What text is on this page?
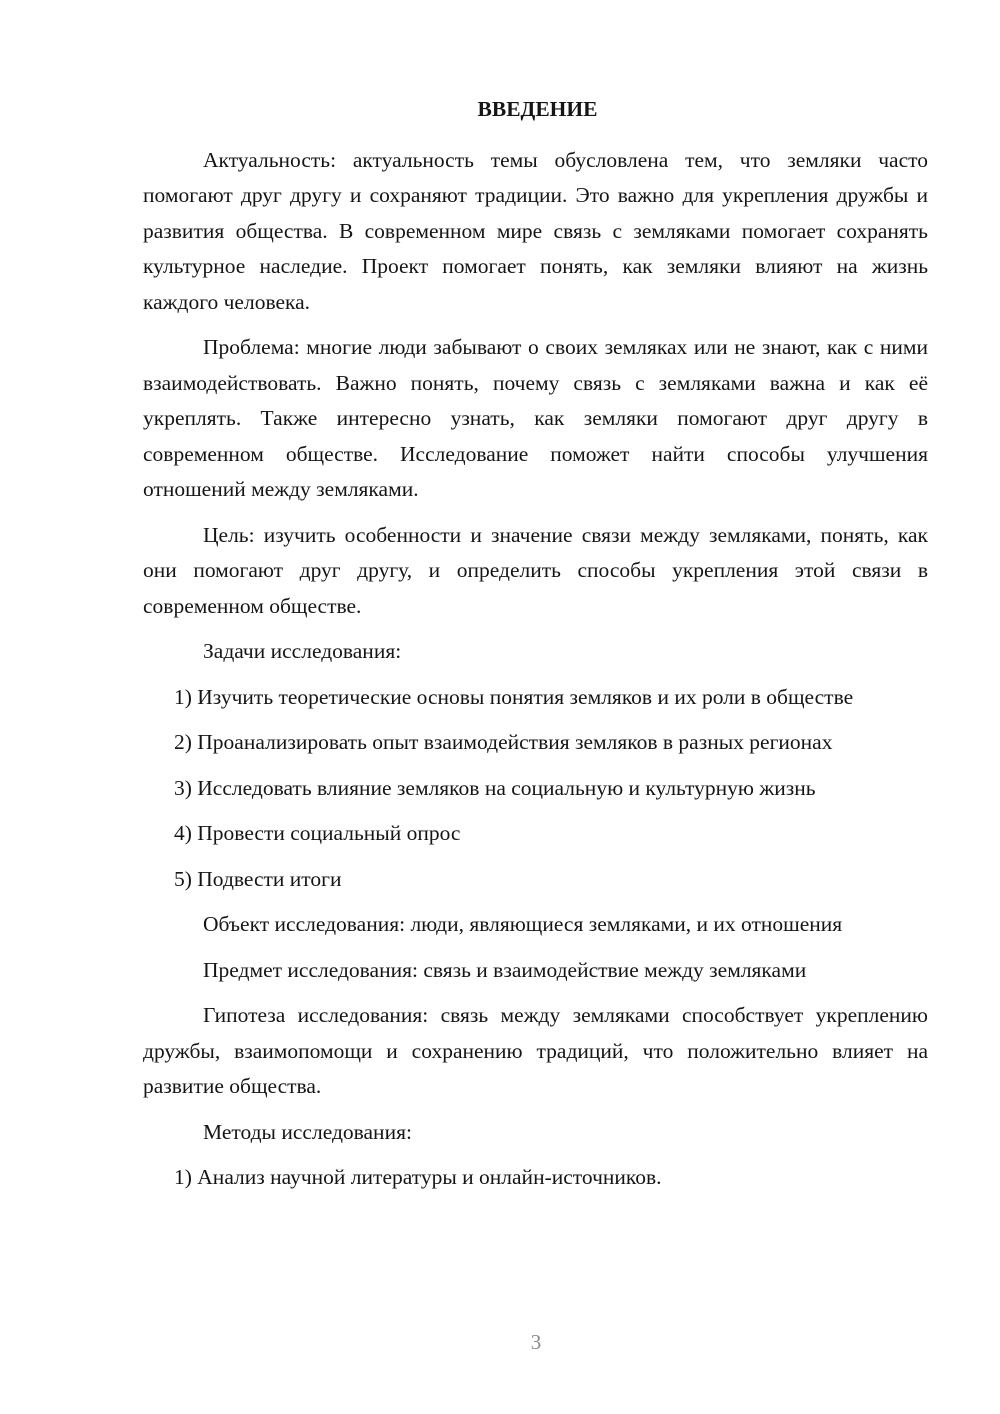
ВВЕДЕНИЕ

Актуальность: актуальность темы обусловлена тем, что земляки часто помогают друг другу и сохраняют традиции. Это важно для укрепления дружбы и развития общества. В современном мире связь с земляками помогает сохранять культурное наследие. Проект помогает понять, как земляки влияют на жизнь каждого человека.

Проблема: многие люди забывают о своих земляках или не знают, как с ними взаимодействовать. Важно понять, почему связь с земляками важна и как её укреплять. Также интересно узнать, как земляки помогают друг другу в современном обществе. Исследование поможет найти способы улучшения отношений между земляками.

Цель: изучить особенности и значение связи между земляками, понять, как они помогают друг другу, и определить способы укрепления этой связи в современном обществе.

Задачи исследования:

1) Изучить теоретические основы понятия земляков и их роли в обществе

2) Проанализировать опыт взаимодействия земляков в разных регионах

3) Исследовать влияние земляков на социальную и культурную жизнь

4) Провести социальный опрос

5) Подвести итоги

Объект исследования: люди, являющиеся земляками, и их отношения

Предмет исследования: связь и взаимодействие между земляками

Гипотеза исследования: связь между земляками способствует укреплению дружбы, взаимопомощи и сохранению традиций, что положительно влияет на развитие общества.

Методы исследования:

1) Анализ научной литературы и онлайн-источников.

3
